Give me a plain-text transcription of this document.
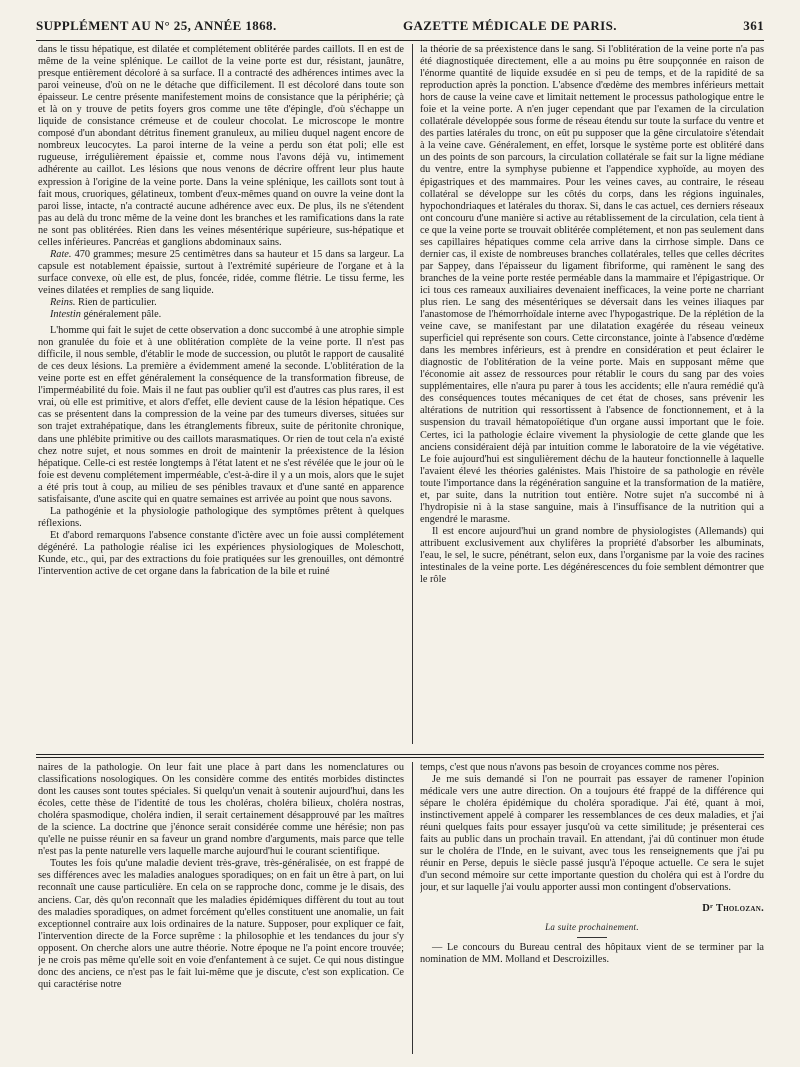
SUPPLÉMENT AU N° 25, ANNÉE 1868.	GAZETTE MÉDICALE DE PARIS.	361

dans le tissu hépatique, est dilatée et complétement oblitérée pardes caillots. Il en est de même de la veine splénique. Le caillot de la veine porte est dur, résistant, jaunâtre, presque entièrement décoloré à sa surface. Il a contracté des adhérences intimes avec la paroi veineuse, d'où on ne le détache que difficilement. Il est décoloré dans toute son épaisseur. Le centre présente manifestement moins de consistance que la périphérie; çà et là on y trouve de petits foyers gros comme une tête d'épingle, d'où s'échappe un liquide de consistance crémeuse et de couleur chocolat. Le microscope le montre composé d'un abondant détritus finement granuleux, au milieu duquel nagent encore de nombreux leucocytes. La paroi interne de la veine a perdu son état poli; elle est rugueuse, irrégulièrement épaissie et, comme nous l'avons déjà vu, intimement adhérente au caillot. Les lésions que nous venons de décrire offrent leur plus haute expression à l'origine de la veine porte. Dans la veine splénique, les caillots sont tout à fait mous, cruoriques, gélatineux, tombent d'eux-mêmes quand on ouvre la veine dont la paroi lisse, intacte, n'a contracté aucune adhérence avec eux. De plus, ils ne s'étendent pas au delà du tronc même de la veine dont les branches et les ramifications dans la rate ne sont pas oblitérées. Rien dans les veines mésentérique supérieure, sus-hépatique et celles inférieures. Pancréas et ganglions abdominaux sains.

Rate. 470 grammes; mesure 25 centimètres dans sa hauteur et 15 dans sa largeur. La capsule est notablement épaissie, surtout à l'extrémité supérieure de l'organe et à la surface convexe, où elle est, de plus, foncée, ridée, comme flétrie. Le tissu ferme, les veines dilatées et remplies de sang liquide.

Reins. Rien de particulier.

Intestin généralement pâle.

L'homme qui fait le sujet de cette observation a donc succombé à une atrophie simple non granulée du foie et à une oblitération complète de la veine porte. Il n'est pas difficile, il nous semble, d'établir le mode de succession, ou plutôt le rapport de causalité de ces deux lésions. La première a évidemment amené la seconde. L'oblitération de la veine porte est en effet généralement la conséquence de la transformation fibreuse, de l'imperméabilité du foie. Mais il ne faut pas oublier qu'il est d'autres cas plus rares, il est vrai, où elle est primitive, et alors d'effet, elle devient cause de la lésion hépatique. Ces cas se présentent dans la compression de la veine par des tumeurs diverses, situées sur son trajet extrahépatique, dans les étranglements fibreux, suite de péritonite chronique, dans une phlébite primitive ou des caillots marasmatiques. Or rien de tout cela n'a existé chez notre sujet, et nous sommes en droit de maintenir la préexistence de la lésion hépatique. Celle-ci est restée longtemps à l'état latent et ne s'est révélée que le jour où le foie est devenu complétement imperméable, c'est-à-dire il y a un mois, alors que le sujet a été pris tout à coup, au milieu de ses pénibles travaux et d'une santé en apparence satisfaisante, d'une ascite qui en quatre semaines est arrivée au point que nous savons.

La pathogénie et la physiologie pathologique des symptômes prêtent à quelques réflexions.

Et d'abord remarquons l'absence constante d'ictère avec un foie aussi complétement dégénéré. La pathologie réalise ici les expériences physiologiques de Moleschott, Kunde, etc., qui, par des extractions du foie pratiquées sur les grenouilles, ont démontré l'intervention active de cet organe dans la fabrication de la bile et ruiné

la théorie de sa préexistence dans le sang. Si l'oblitération de la veine porte n'a pas été diagnostiquée directement, elle a au moins pu être soupçonnée en raison de l'énorme quantité de liquide exsudée en si peu de temps, et de la rapidité de sa reproduction après la ponction. L'absence d'œdème des membres inférieurs mettait hors de cause la veine cave et limitait nettement le processus pathologique entre le foie et la veine porte. A n'en juger cependant que par l'examen de la circulation collatérale développée sous forme de réseau étendu sur toute la surface du ventre et des parties latérales du tronc, on eût pu supposer que la gêne circulatoire s'étendait à la veine cave. Généralement, en effet, lorsque le système porte est oblitéré dans un des points de son parcours, la circulation collatérale se fait sur la ligne médiane du ventre, entre la symphyse pubienne et l'appendice xyphoïde, au moyen des épigastriques et des mammaires. Pour les veines caves, au contraire, le réseau collatéral se développe sur les côtés du corps, dans les régions inguinales, hypochondriaques et latérales du thorax. Si, dans le cas actuel, ces derniers réseaux ont concouru d'une manière si active au rétablissement de la circulation, cela tient à ce que la veine porte se trouvait oblitérée complétement, et non pas seulement dans ses capillaires hépatiques comme cela arrive dans la cirrhose simple. Dans ce dernier cas, il existe de nombreuses branches collatérales, telles que celles décrites par Sappey, dans l'épaisseur du ligament fibriforme, qui ramènent le sang des branches de la veine porte restée perméable dans la mammaire et l'épigastrique. Or ici tous ces rameaux auxiliaires devenaient inefficaces, la veine porte ne charriant plus rien. Le sang des mésentériques se déversait dans les veines iliaques par l'anastomose de l'hémorrhoïdale interne avec l'hypogastrique. De la réplétion de la veine cave, se manifestant par une dilatation exagérée du réseau veineux superficiel qui représente son cours. Cette circonstance, jointe à l'absence d'œdème dans les membres inférieurs, est à prendre en considération et peut éclairer le diagnostic de l'oblitération de la veine porte. Mais en supposant même que l'économie ait assez de ressources pour rétablir le cours du sang par des voies supplémentaires, elle n'aura pu parer à tous les accidents; elle n'aura remédié qu'à des conséquences toutes mécaniques de cet état de choses, sans prévenir les altérations de nutrition qui ressortissent à l'absence de fonctionnement, et à la suspension du travail hématopoïétique d'un organe aussi important que le foie. Certes, ici la pathologie éclaire vivement la physiologie de cette glande que les anciens considéraient déjà par intuition comme le laboratoire de la vie végétative. Le foie aujourd'hui est singulièrement déchu de la hauteur fonctionnelle à laquelle l'avaient élevé les théories galénistes. Mais l'histoire de sa pathologie en révèle toute l'importance dans la régénération sanguine et la transformation de la matière, et, par suite, dans la nutrition tout entière. Notre sujet n'a succombé ni à l'hydropisie ni à la stase sanguine, mais à l'insuffisance de la nutrition qui a engendré le marasme.

Il est encore aujourd'hui un grand nombre de physiologistes (Allemands) qui attribuent exclusivement aux chylifères la propriété d'absorber les albuminats, l'eau, le sel, le sucre, pénétrant, selon eux, dans l'organisme par la voie des racines intestinales de la veine porte. Les dégénérescences du foie semblent démontrer que le rôle

naires de la pathologie. On leur fait une place à part dans les nomenclatures ou classifications nosologiques. On les considère comme des entités morbides distinctes dont les causes sont toutes spéciales. Si quelqu'un venait à soutenir aujourd'hui, dans les écoles, cette thèse de l'identité de tous les choléras, choléra bilieux, choléra nostras, choléra spasmodique, choléra indien, il serait certainement désapprouvé par les maîtres de la science. La doctrine que j'énonce serait considérée comme une hérésie; non pas qu'elle ne puisse réunir en sa faveur un grand nombre d'arguments, mais parce que telle n'est pas la pente naturelle vers laquelle marche aujourd'hui le courant scientifique.

Toutes les fois qu'une maladie devient très-grave, très-généralisée, on est frappé de ses différences avec les maladies analogues sporadiques; on en fait un être à part, on lui reconnaît une cause particulière. En cela on se rapproche donc, comme je le disais, des anciens. Car, dès qu'on reconnaît que les maladies épidémiques diffèrent du tout au tout des maladies sporadiques, on admet forcément qu'elles constituent une anomalie, un fait exceptionnel contraire aux lois ordinaires de la nature. Supposer, pour expliquer ce fait, l'intervention directe de la Force suprême : la philosophie et les tendances du jour s'y opposent. On cherche alors une autre théorie. Notre époque ne l'a point encore trouvée; je ne crois pas même qu'elle soit en voie d'enfantement à ce sujet. Ce qui nous distingue donc des anciens, ce n'est pas le fait lui-même que je discute, c'est son explication. Ce qui caractérise notre

temps, c'est que nous n'avons pas besoin de croyances comme nos pères.

Je me suis demandé si l'on ne pourrait pas essayer de ramener l'opinion médicale vers une autre direction. On a toujours été frappé de la différence qui sépare le choléra épidémique du choléra sporadique. J'ai été, quant à moi, instinctivement appelé à comparer les ressemblances de ces deux maladies, et j'ai réuni quelques faits pour essayer jusqu'où va cette similitude; je présenterai ces faits au public dans un prochain travail. En attendant, j'ai dû continuer mon étude sur le choléra de l'Inde, en le suivant, avec tous les renseignements que j'ai pu réunir en Perse, depuis le siècle passé jusqu'à l'époque actuelle. Ce sera le sujet d'un second mémoire sur cette importante question du choléra qui est à l'ordre du jour, et sur laquelle j'ai voulu apporter aussi mon contingent d'observations.

Dʳ Tholozan.
La suite prochainement.

— Le concours du Bureau central des hôpitaux vient de se terminer par la nomination de MM. Molland et Descroizilles.
